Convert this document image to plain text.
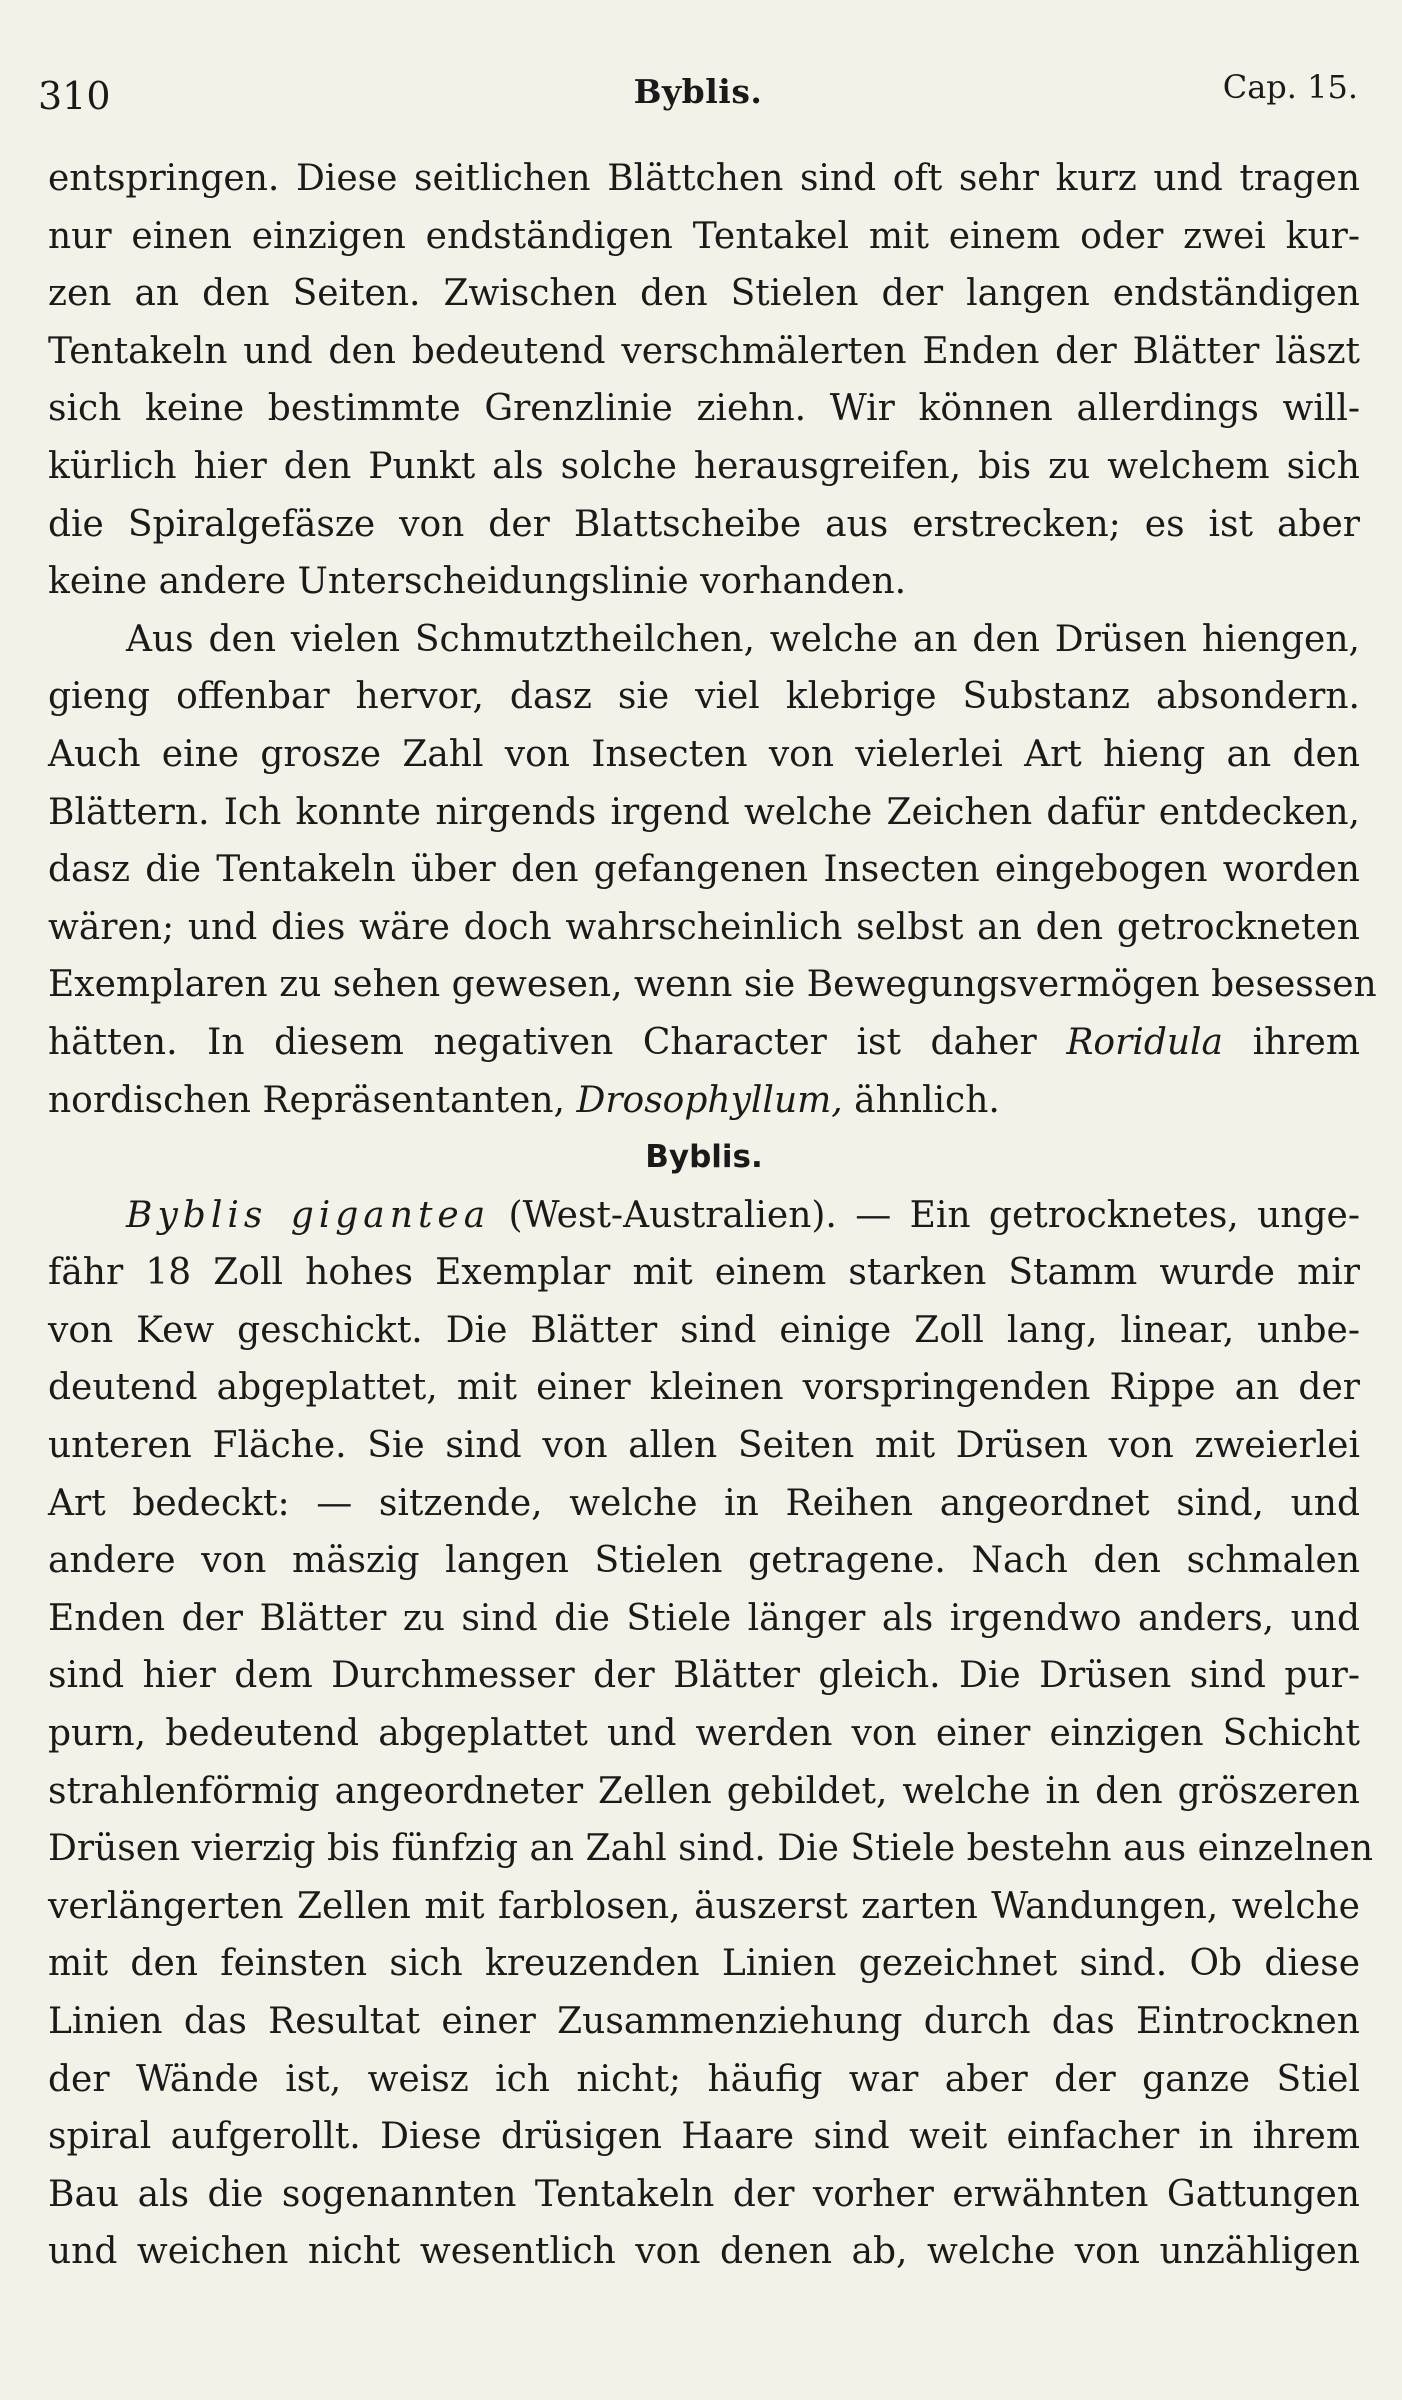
310	Byblis.	Cap. 15.
entspringen. Diese seitlichen Blättchen sind oft sehr kurz und tragen
nur einen einzigen endständigen Tentakel mit einem oder zwei kur-
zen an den Seiten. Zwischen den Stielen der langen endständigen
Tentakeln und den bedeutend verschmälerten Enden der Blätter läszt
sich keine bestimmte Grenzlinie ziehn. Wir können allerdings will-
kürlich hier den Punkt als solche herausgreifen, bis zu welchem sich
die Spiralgefäsze von der Blattscheibe aus erstrecken; es ist aber
keine andere Unterscheidungslinie vorhanden.
Aus den vielen Schmutztheilchen, welche an den Drüsen hiengen,
gieng offenbar hervor, dasz sie viel klebrige Substanz absondern.
Auch eine grosze Zahl von Insecten von vielerlei Art hieng an den
Blättern. Ich konnte nirgends irgend welche Zeichen dafür entdecken,
dasz die Tentakeln über den gefangenen Insecten eingebogen worden
wären; und dies wäre doch wahrscheinlich selbst an den getrockneten
Exemplaren zu sehen gewesen, wenn sie Bewegungsvermögen besessen
hätten. In diesem negativen Character ist daher Roridula ihrem
nordischen Repräsentanten, Drosophyllum, ähnlich.
Byblis.
Byblis gigantea (West-Australien). — Ein getrocknetes, unge-
fähr 18 Zoll hohes Exemplar mit einem starken Stamm wurde mir
von Kew geschickt. Die Blätter sind einige Zoll lang, linear, unbe-
deutend abgeplattet, mit einer kleinen vorspringenden Rippe an der
unteren Fläche. Sie sind von allen Seiten mit Drüsen von zweierlei
Art bedeckt: — sitzende, welche in Reihen angeordnet sind, und
andere von mäszig langen Stielen getragene. Nach den schmalen
Enden der Blätter zu sind die Stiele länger als irgendwo anders, und
sind hier dem Durchmesser der Blätter gleich. Die Drüsen sind pur-
purn, bedeutend abgeplattet und werden von einer einzigen Schicht
strahlenförmig angeordneter Zellen gebildet, welche in den gröszeren
Drüsen vierzig bis fünfzig an Zahl sind. Die Stiele bestehn aus einzelnen
verlängerten Zellen mit farblosen, äuszerst zarten Wandungen, welche
mit den feinsten sich kreuzenden Linien gezeichnet sind. Ob diese
Linien das Resultat einer Zusammenziehung durch das Eintrocknen
der Wände ist, weisz ich nicht; häufig war aber der ganze Stiel
spiral aufgerollt. Diese drüsigen Haare sind weit einfacher in ihrem
Bau als die sogenannten Tentakeln der vorher erwähnten Gattungen
und weichen nicht wesentlich von denen ab, welche von unzähligen
